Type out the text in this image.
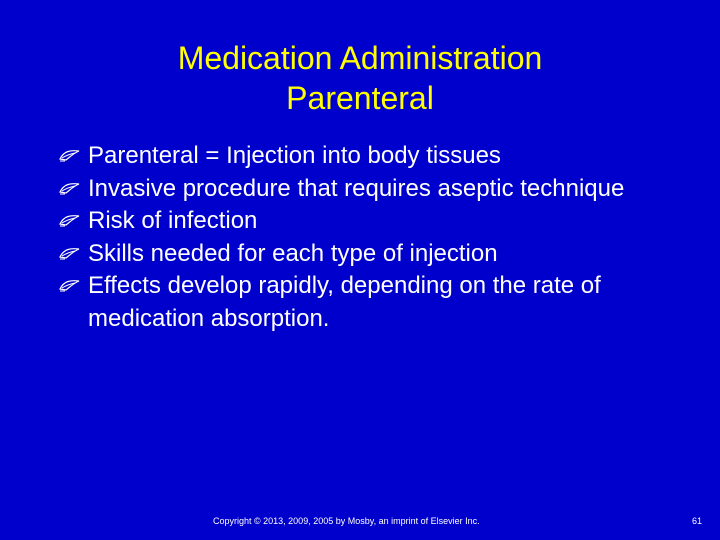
Medication Administration
Parenteral
Parenteral = Injection into body tissues
Invasive procedure that requires aseptic technique
Risk of infection
Skills needed for each type of injection
Effects develop rapidly, depending on the rate of medication absorption.
Copyright © 2013, 2009, 2005 by Mosby, an imprint of Elsevier Inc.	61
